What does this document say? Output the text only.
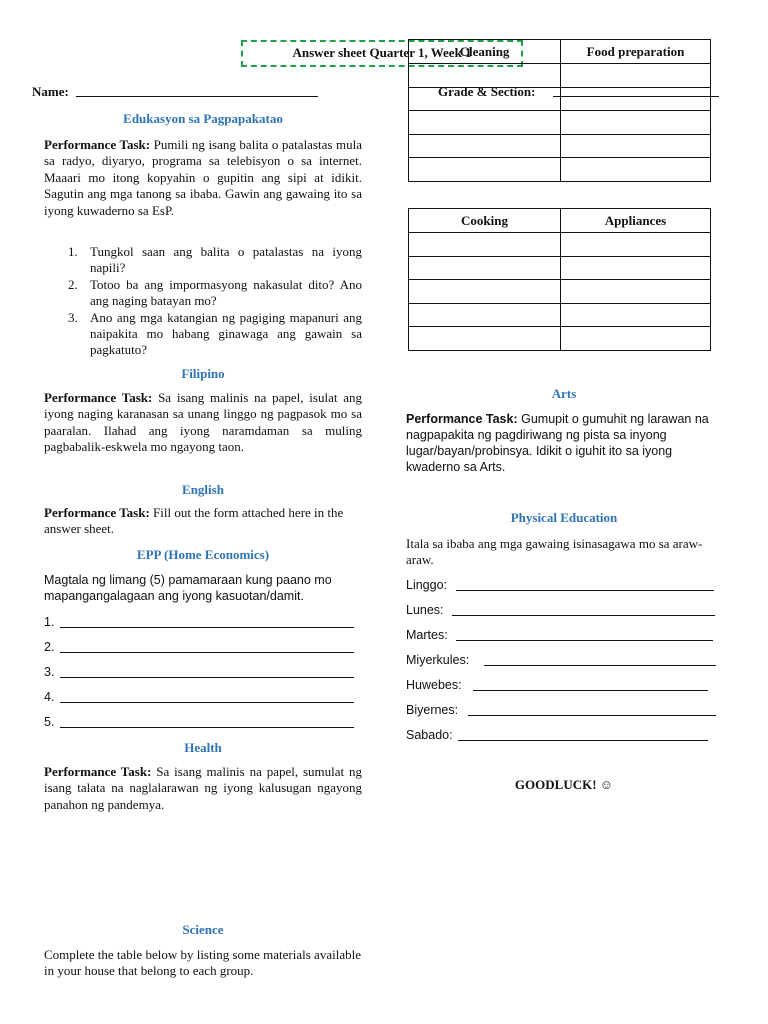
Answer sheet Quarter 1, Week 1
Name:
Cleaning	Food preparation

Grade & Section:
Cooking	Appliances

Edukasyon sa Pagpapakatao
Performance Task: Pumili ng isang balita o patalastas mula sa radyo, diyaryo, programa sa telebisyon o sa internet. Maaari mo itong kopyahin o gupitin ang sipi at idikit. Sagutin ang mga tanong sa ibaba. Gawin ang gawaing ito sa iyong kuwaderno sa EsP.
1. Tungkol saan ang balita o patalastas na iyong napili?
2. Totoo ba ang impormasyong nakasulat dito? Ano ang naging batayan mo?
3. Ano ang mga katangian ng pagiging mapanuri ang naipakita mo habang ginawaga ang gawain sa pagkatuto?
Filipino
Performance Task: Sa isang malinis na papel, isulat ang iyong naging karanasan sa unang linggo ng pagpasok mo sa paaralan. Ilahad ang iyong naramdaman sa muling pagbabalik-eskwela mo ngayong taon.
English
Performance Task: Fill out the form attached here in the answer sheet.
EPP (Home Economics)
Magtala ng limang (5) pamamaraan kung paano mo mapangangalagaan ang iyong kasuotan/damit.
1.
2.
3.
4.
5.
Health
Performance Task: Sa isang malinis na papel, sumulat ng isang talata na naglalarawan ng iyong kalusugan ngayong panahon ng pandemya.
Science
Complete the table below by listing some materials available in your house that belong to each group.
Arts
Performance Task: Gumupit o gumuhit ng larawan na nagpapakita ng pagdiriwang ng pista sa inyong lugar/bayan/probinsya. Idikit o iguhit ito sa iyong kwaderno sa Arts.
Physical Education
Itala sa ibaba ang mga gawaing isinasagawa mo sa araw-araw.
Linggo:
Lunes:
Martes:
Miyerkules:
Huwebes:
Biyernes:
Sabado:
GOODLUCK! ☺
